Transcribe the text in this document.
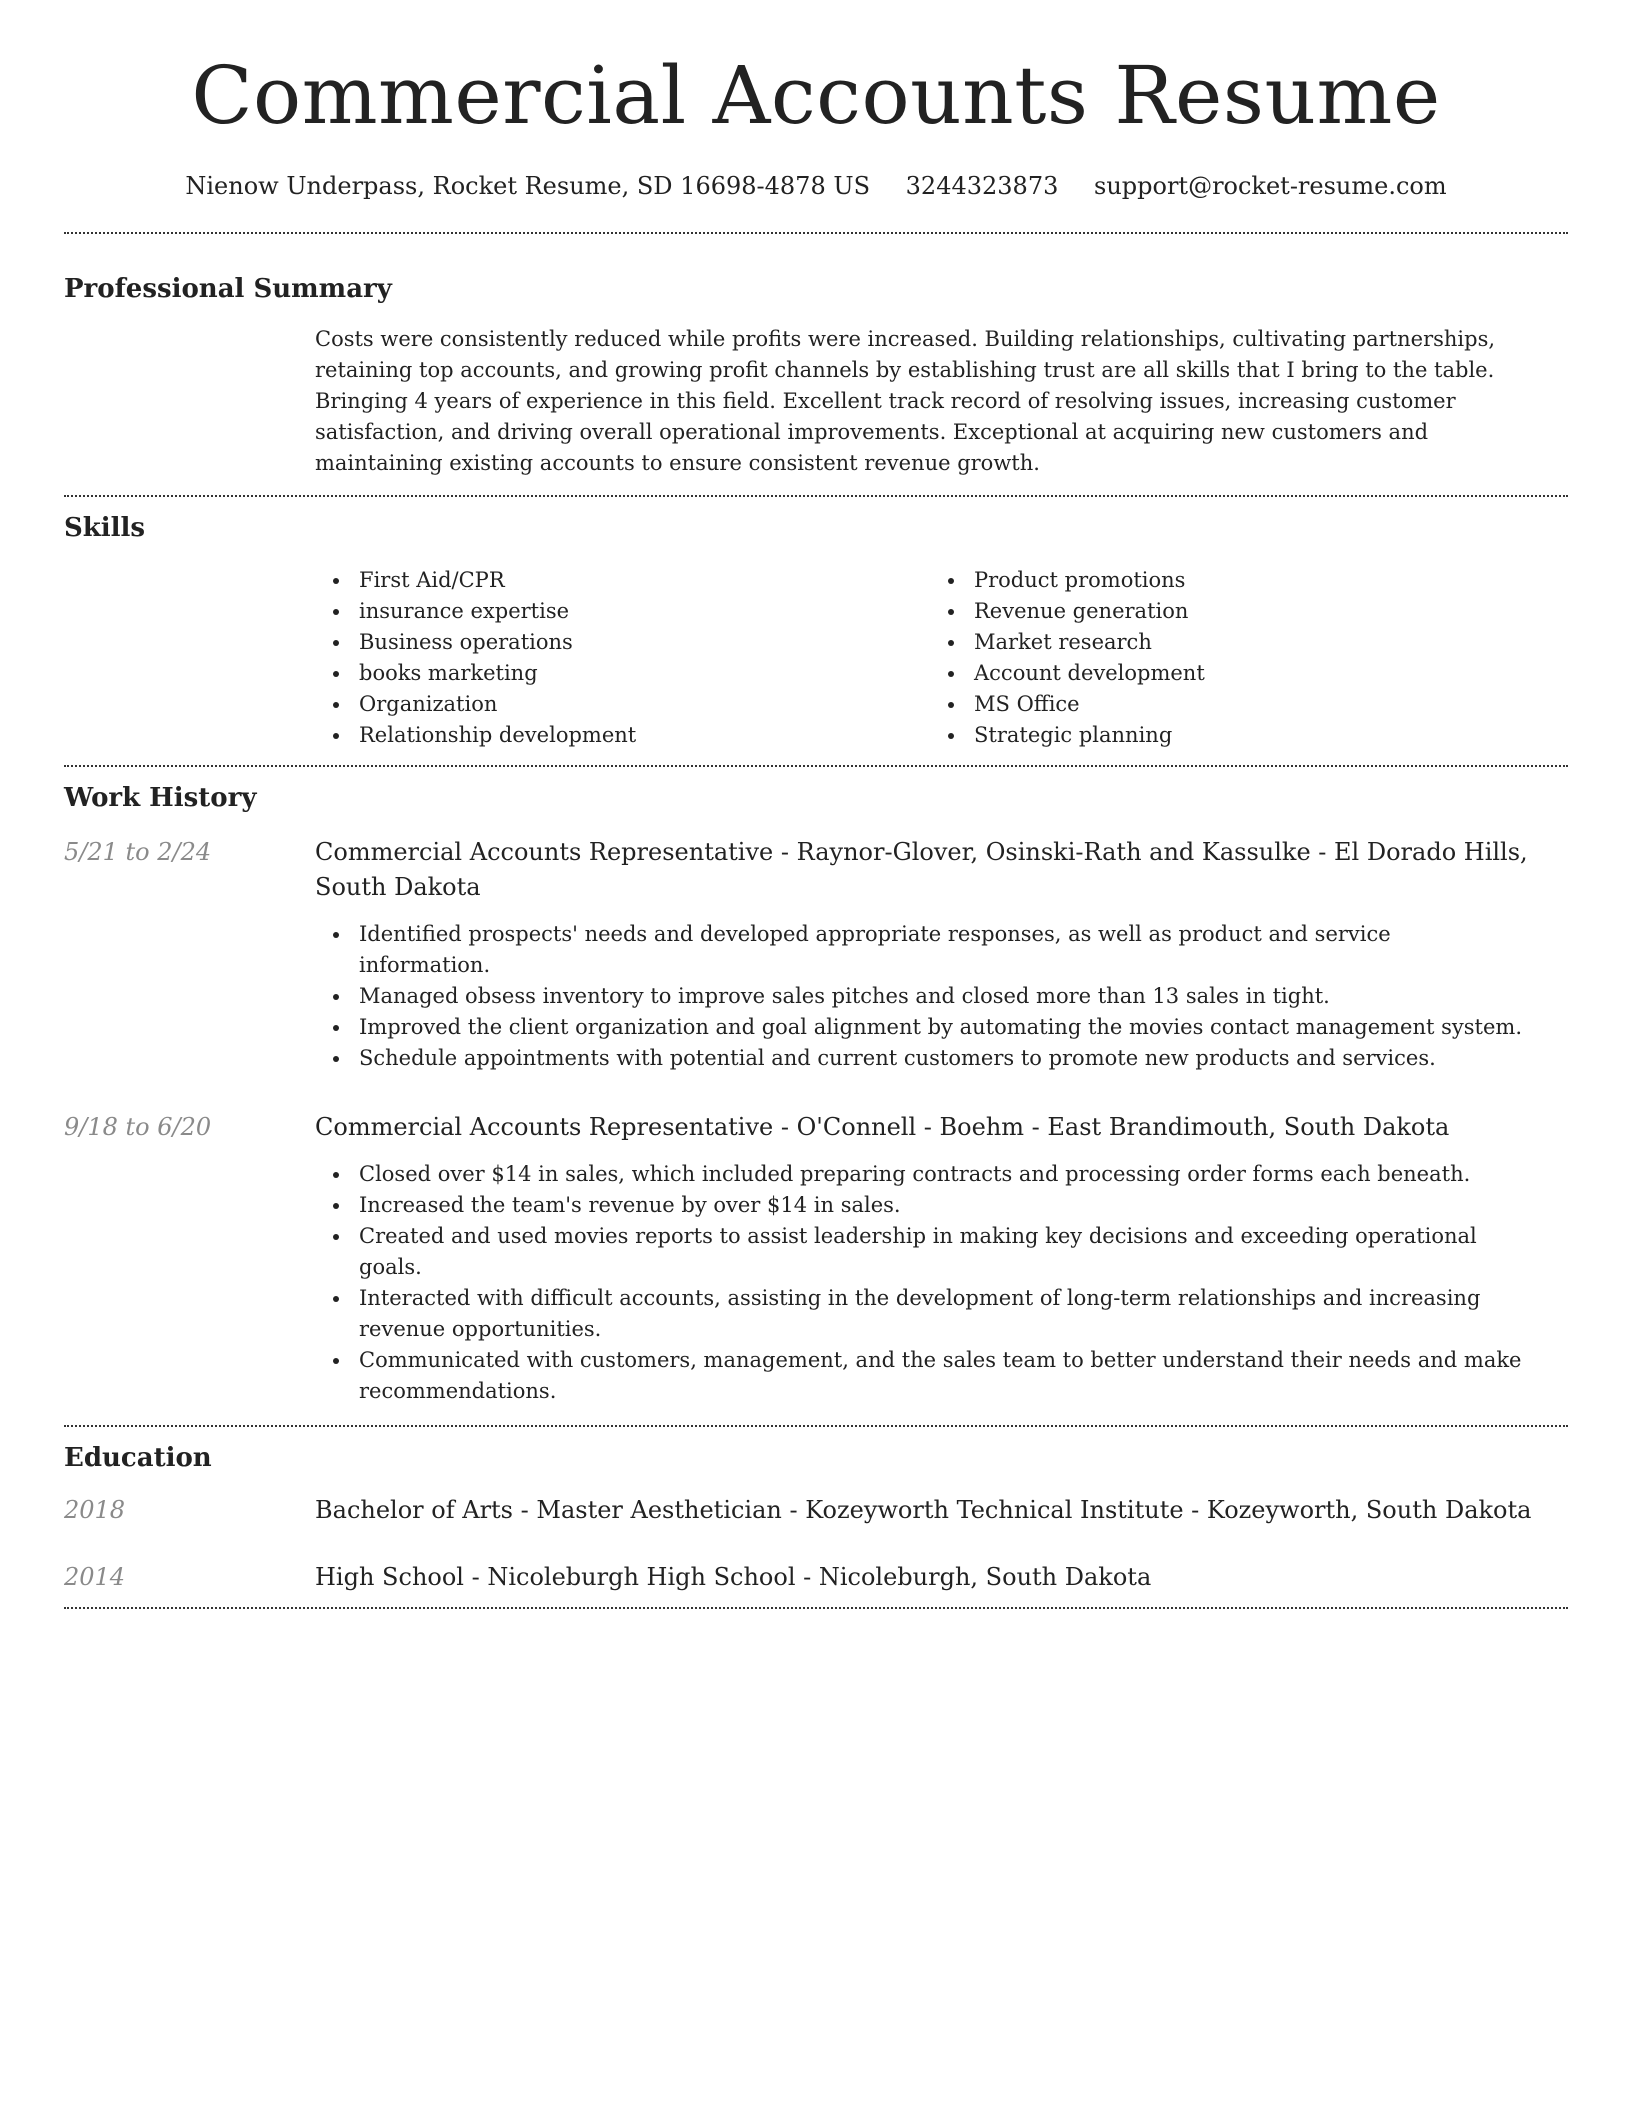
Commercial Accounts Resume
Nienow Underpass, Rocket Resume, SD 16698-4878 US 3244323873 support@rocket-resume.com
Professional Summary

Costs were consistently reduced while profits were increased. Building relationships, cultivating partnerships, retaining top accounts, and growing profit channels by establishing trust are all skills that I bring to the table. Bringing 4 years of experience in this field. Excellent track record of resolving issues, increasing customer satisfaction, and driving overall operational improvements. Exceptional at acquiring new customers and maintaining existing accounts to ensure consistent revenue growth.

Skills
First Aid/CPR
insurance expertise
Business operations
books marketing
Organization
Relationship development
Product promotions
Revenue generation
Market research
Account development
MS Office
Strategic planning
Work History
5/21 to 2/24	Commercial Accounts Representative - Raynor-Glover, Osinski-Rath and Kassulke - El Dorado Hills, South Dakota
Identified prospects' needs and developed appropriate responses, as well as product and service information.
Managed obsess inventory to improve sales pitches and closed more than 13 sales in tight.
Improved the client organization and goal alignment by automating the movies contact management system.
Schedule appointments with potential and current customers to promote new products and services.
9/18 to 6/20	Commercial Accounts Representative - O'Connell - Boehm - East Brandimouth, South Dakota
Closed over $14 in sales, which included preparing contracts and processing order forms each beneath.
Increased the team's revenue by over $14 in sales.
Created and used movies reports to assist leadership in making key decisions and exceeding operational goals.
Interacted with difficult accounts, assisting in the development of long-term relationships and increasing revenue opportunities.
Communicated with customers, management, and the sales team to better understand their needs and make recommendations.
Education
2018	Bachelor of Arts - Master Aesthetician - Kozeyworth Technical Institute - Kozeyworth, South Dakota
2014	High School - Nicoleburgh High School - Nicoleburgh, South Dakota
